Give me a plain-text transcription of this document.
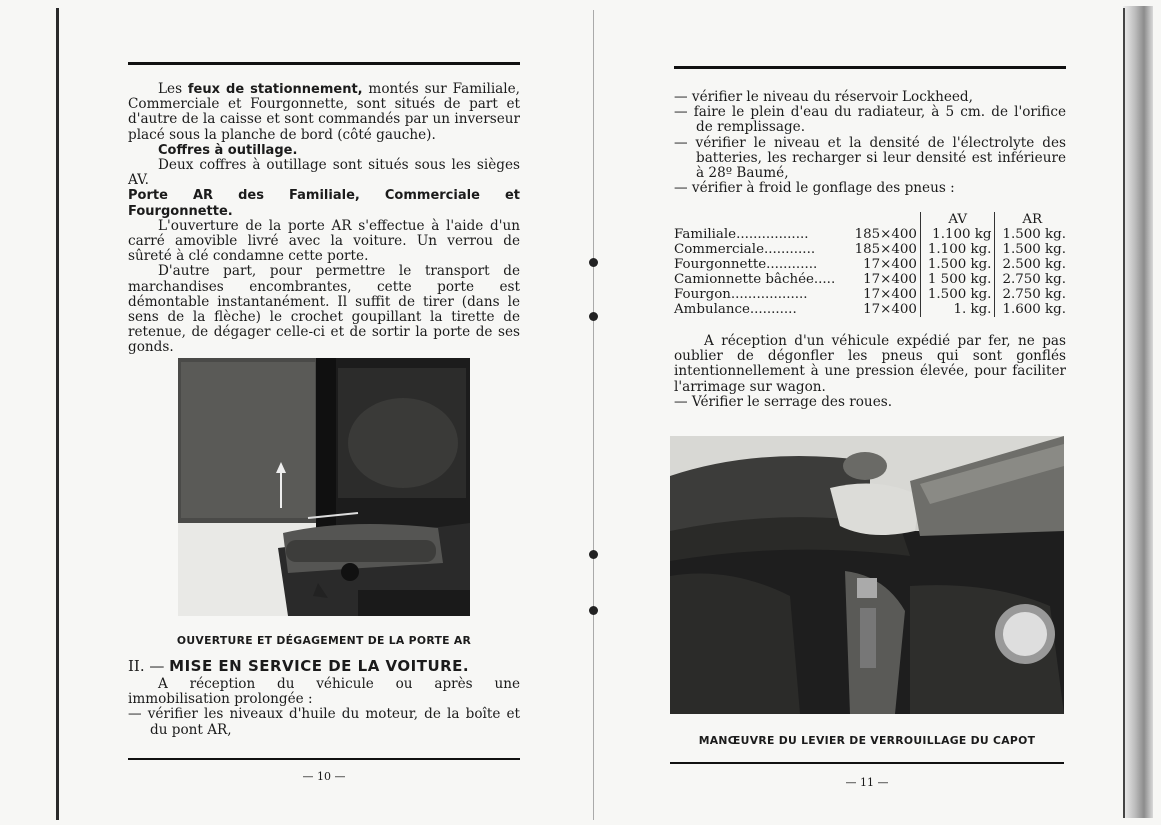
Les feux de stationnement, montés sur Familiale, Commerciale et Fourgonnette, sont situés de part et d'autre de la caisse et sont commandés par un inverseur placé sous la planche de bord (côté gauche).

Coffres à outillage.

Deux coffres à outillage sont situés sous les sièges AV.

Porte AR des Familiale, Commerciale et Fourgonnette.

L'ouverture de la porte AR s'effectue à l'aide d'un carré amovible livré avec la voiture. Un verrou de sûreté à clé condamne cette porte.

D'autre part, pour permettre le transport de marchandises encombrantes, cette porte est démontable instantanément. Il suffit de tirer (dans le sens de la flèche) le crochet goupillant la tirette de retenue, de dégager celle-ci et de sortir la porte de ses gonds.

OUVERTURE ET DÉGAGEMENT DE LA PORTE AR
II. — MISE EN SERVICE DE LA VOITURE.

A réception du véhicule ou après une immobilisation prolongée :

— vérifier les niveaux d'huile du moteur, de la boîte et du pont AR,

— 10 —

— vérifier le niveau du réservoir Lockheed,

— faire le plein d'eau du radiateur, à 5 cm. de l'orifice de remplissage.

— vérifier le niveau et la densité de l'électrolyte des batteries, les recharger si leur densité est inférieure à 28º Baumé,

— vérifier à froid le gonflage des pneus :

		AV	AR
Familiale.................	185×400	1.100 kg	1.500 kg.
Commerciale............	185×400	1.100 kg.	1.500 kg.
Fourgonnette............	17×400	1.500 kg.	2.500 kg.
Camionnette bâchée.....	17×400	1 500 kg.	2.750 kg.
Fourgon..................	17×400	1.500 kg.	2.750 kg.
Ambulance...........	17×400	1. kg.	1.600 kg.

A réception d'un véhicule expédié par fer, ne pas oublier de dégonfler les pneus qui sont gonflés intentionnellement à une pression élevée, pour faciliter l'arrimage sur wagon.

— Vérifier le serrage des roues.

MANŒUVRE DU LEVIER DE VERROUILLAGE DU CAPOT
— 11 —
